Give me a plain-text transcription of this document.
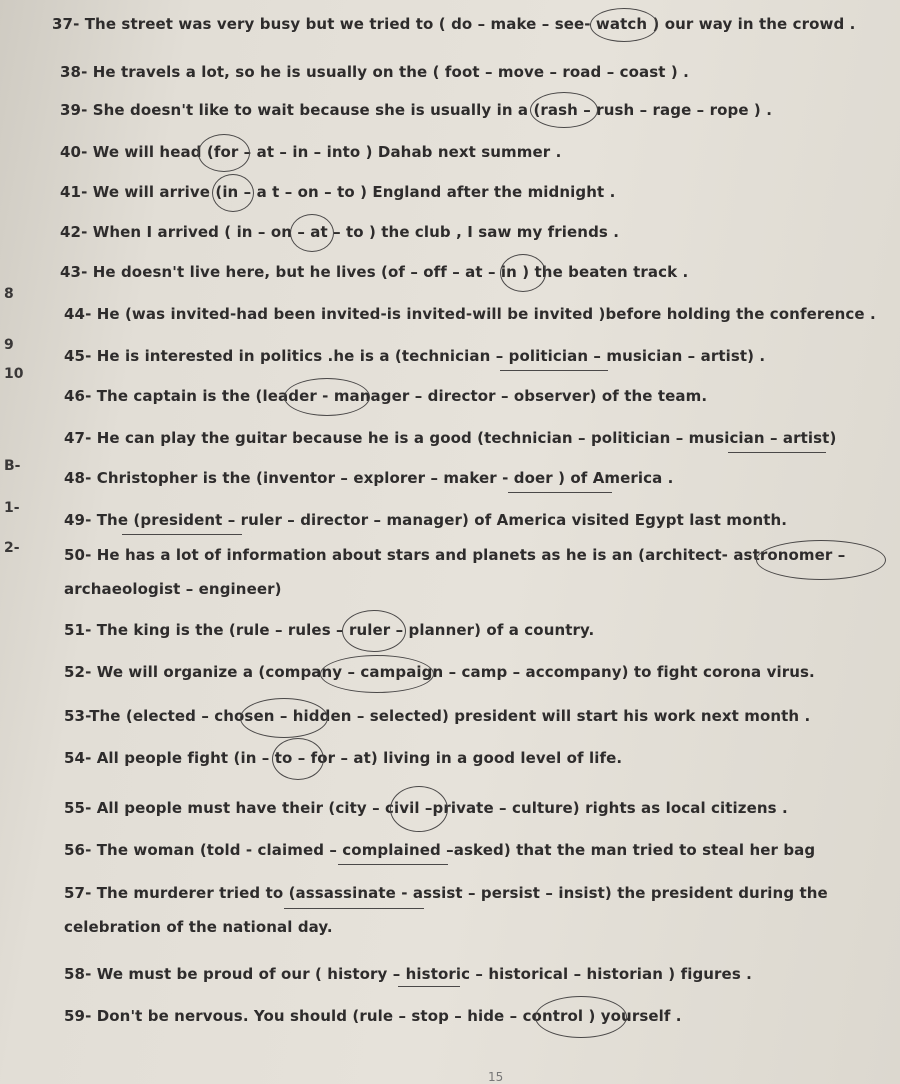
8
9
10
B-
1-
2-
37- The street was very busy but we tried to ( do – make – see- watch ) our way in the crowd .
38- He travels a lot, so he is usually on the ( foot – move – road – coast ) .
39- She doesn't like to wait because she is usually in a (rash – rush – rage – rope ) .
40- We will head (for – at – in – into ) Dahab next summer .
41- We will arrive (in – a t – on – to ) England after the midnight .
42- When I arrived ( in – on – at – to ) the club , I saw my friends .
43- He doesn't live here, but he lives (of – off – at – in ) the beaten track .
44- He (was invited-had been invited-is invited-will be invited )before holding the conference .
45- He is interested in politics .he is a (technician – politician – musician – artist) .
46- The captain is the (leader - manager – director – observer) of the team.
47- He can play the guitar because he is a good (technician – politician – musician – artist)
48- Christopher is the (inventor – explorer – maker - doer ) of America .
49- The (president – ruler – director – manager) of America visited Egypt last month.
50- He has a lot of information about stars and planets as he is an (architect- astronomer – archaeologist – engineer)
51- The king is the (rule – rules – ruler – planner) of a country.
52- We will organize a (company – campaign – camp – accompany) to fight corona virus.
53-The (elected – chosen – hidden – selected) president will start his work next month .
54- All people fight (in – to – for – at) living in a good level of life.
55- All people must have their (city – civil –private – culture) rights as local citizens .
56- The woman (told - claimed – complained –asked) that the man tried to steal her bag
57- The murderer tried to (assassinate - assist – persist – insist) the president during the celebration of the national day.
58- We must be proud of our ( history – historic – historical – historian ) figures .
59- Don't be nervous. You should (rule – stop – hide – control ) yourself .
15
